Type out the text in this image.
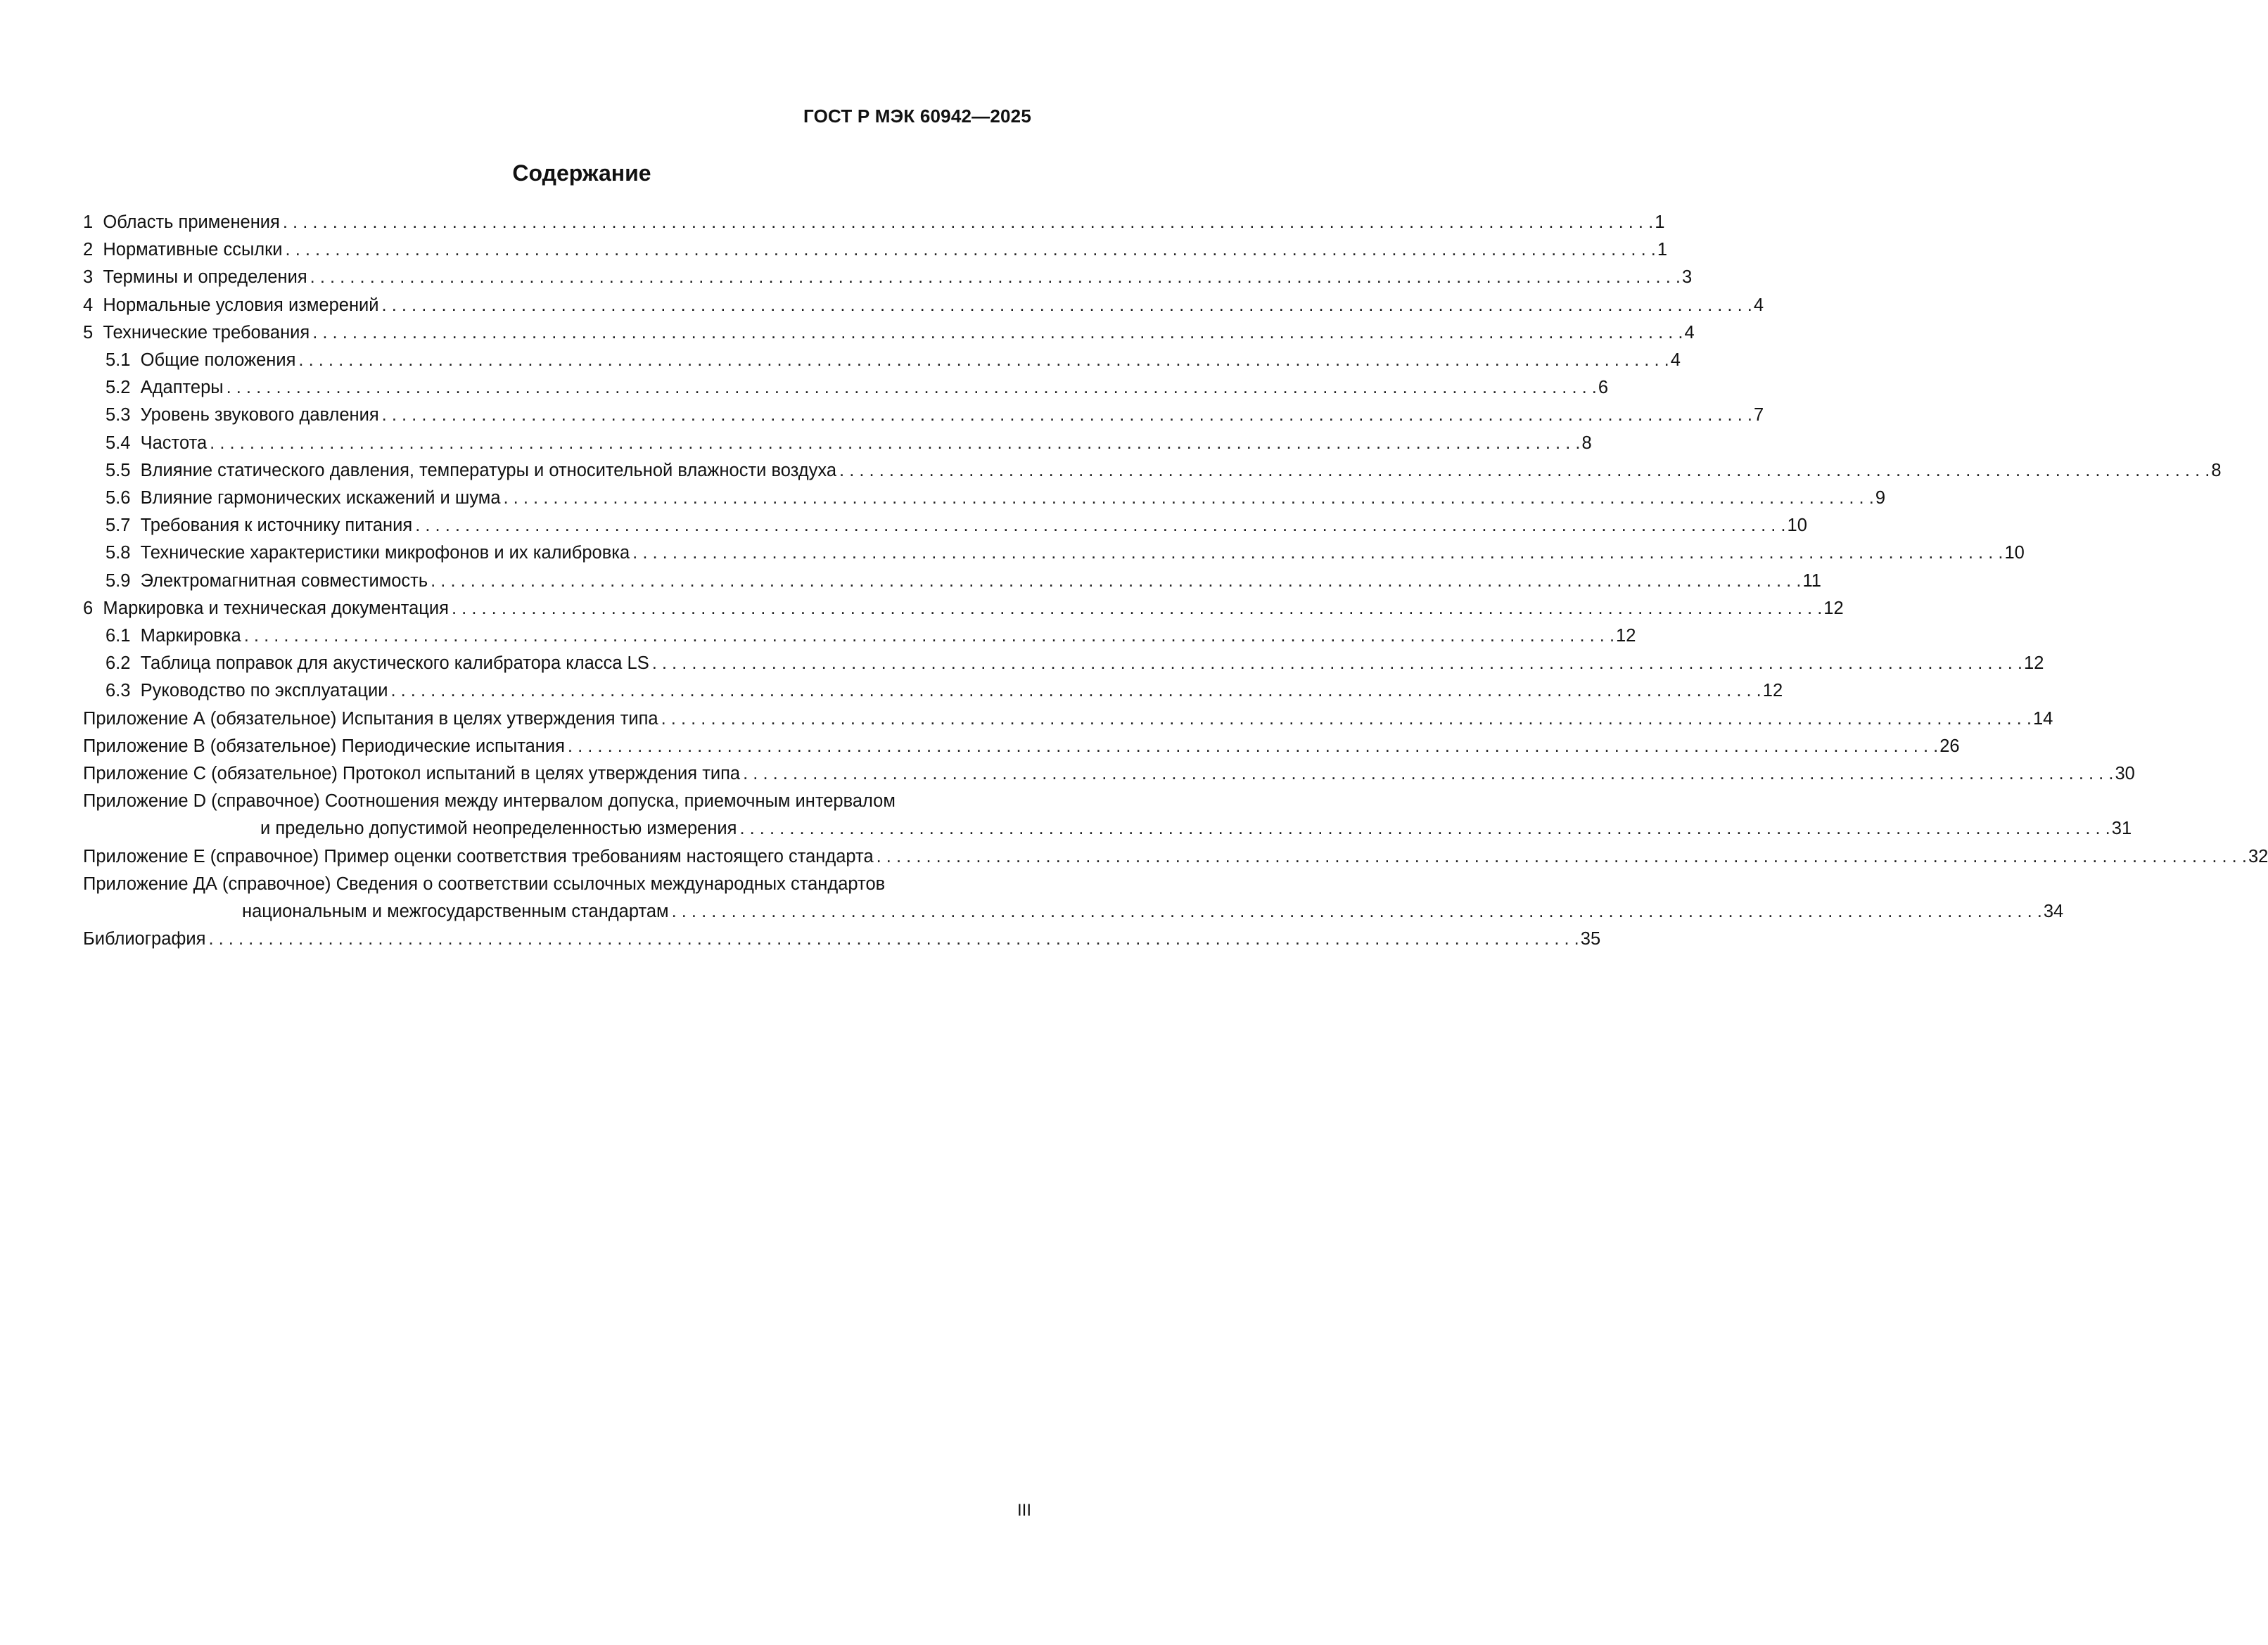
ГОСТ Р МЭК 60942—2025
Содержание
1 Область применения . . .	1
2 Нормативные ссылки . . .	1
3 Термины и определения . . .	3
4 Нормальные условия измерений . . .	4
5 Технические требования . . .	4
5.1 Общие положения . . .	4
5.2 Адаптеры . . .	6
5.3 Уровень звукового давления . . .	7
5.4 Частота . . .	8
5.5 Влияние статического давления, температуры и относительной влажности воздуха . . .	8
5.6 Влияние гармонических искажений и шума . . .	9
5.7 Требования к источнику питания . . .	10
5.8 Технические характеристики микрофонов и их калибровка . . .	10
5.9 Электромагнитная совместимость . . .	11
6 Маркировка и техническая документация . . .	12
6.1 Маркировка . . .	12
6.2 Таблица поправок для акустического калибратора класса LS . . .	12
6.3 Руководство по эксплуатации . . .	12
Приложение А (обязательное) Испытания в целях утверждения типа . . .	14
Приложение В (обязательное) Периодические испытания . . .	26
Приложение С (обязательное) Протокол испытаний в целях утверждения типа . . .	30
Приложение D (справочное) Соотношения между интервалом допуска, приемочным интервалом
и предельно допустимой неопределенностью измерения . . .	31
Приложение Е (справочное) Пример оценки соответствия требованиям настоящего стандарта . . .	32
Приложение ДА (справочное) Сведения о соответствии ссылочных международных стандартов
национальным и межгосударственным стандартам . . .	34
Библиография . . .	35
III
